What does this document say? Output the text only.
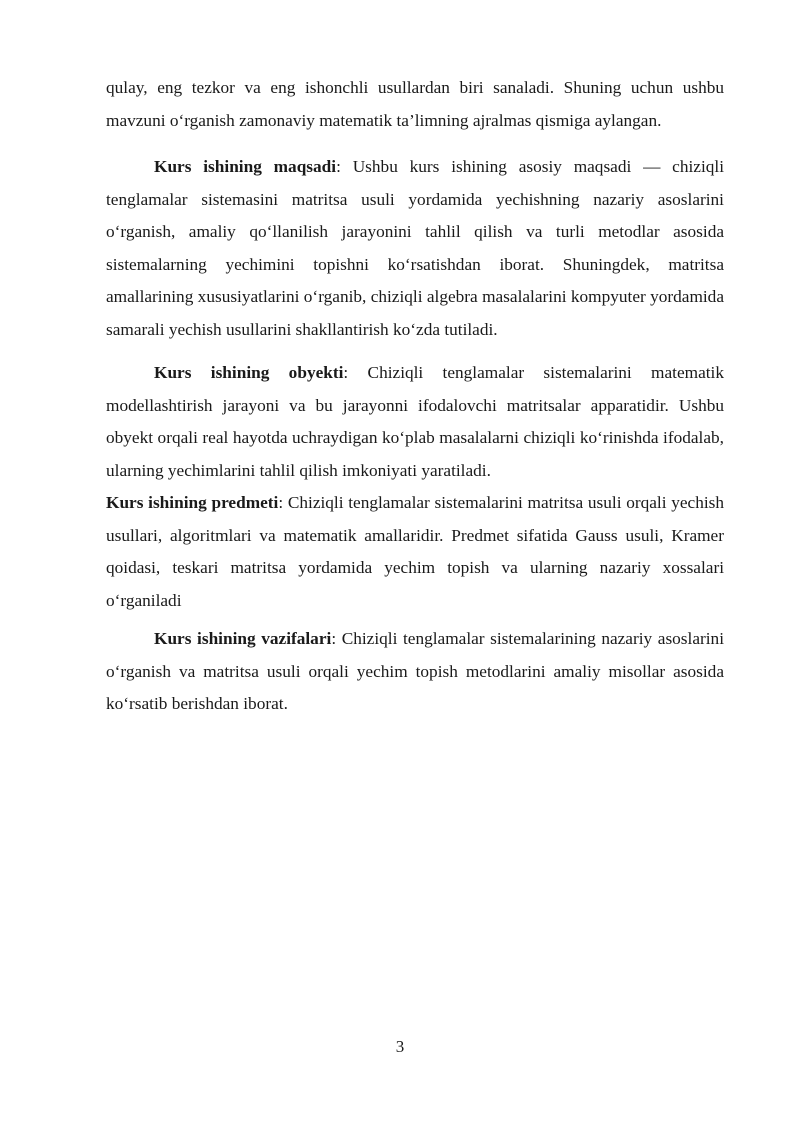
qulay, eng tezkor va eng ishonchli usullardan biri sanaladi. Shuning uchun ushbu mavzuni o‘rganish zamonaviy matematik ta’limning ajralmas qismiga aylangan.

Kurs ishining maqsadi: Ushbu kurs ishining asosiy maqsadi — chiziqli tenglamalar sistemasini matritsa usuli yordamida yechishning nazariy asoslarini o‘rganish, amaliy qo‘llanilish jarayonini tahlil qilish va turli metodlar asosida sistemalarning yechimini topishni ko‘rsatishdan iborat. Shuningdek, matritsa amallarining xususiyatlarini o‘rganib, chiziqli algebra masalalarini kompyuter yordamida samarali yechish usullarini shakllantirish ko‘zda tutiladi.

Kurs ishining obyekti: Chiziqli tenglamalar sistemalarini matematik modellashtirish jarayoni va bu jarayonni ifodalovchi matritsalar apparatidir. Ushbu obyekt orqali real hayotda uchraydigan ko‘plab masalalarni chiziqli ko‘rinishda ifodalab, ularning yechimlarini tahlil qilish imkoniyati yaratiladi.
Kurs ishining predmeti: Chiziqli tenglamalar sistemalarini matritsa usuli orqali yechish usullari, algoritmlari va matematik amallaridir. Predmet sifatida Gauss usuli, Kramer qoidasi, teskari matritsa yordamida yechim topish va ularning nazariy xossalari o‘rganiladi

Kurs ishining vazifalari: Chiziqli tenglamalar sistemalarining nazariy asoslarini o‘rganish va matritsa usuli orqali yechim topish metodlarini amaliy misollar asosida ko‘rsatib berishdan iborat.

3
